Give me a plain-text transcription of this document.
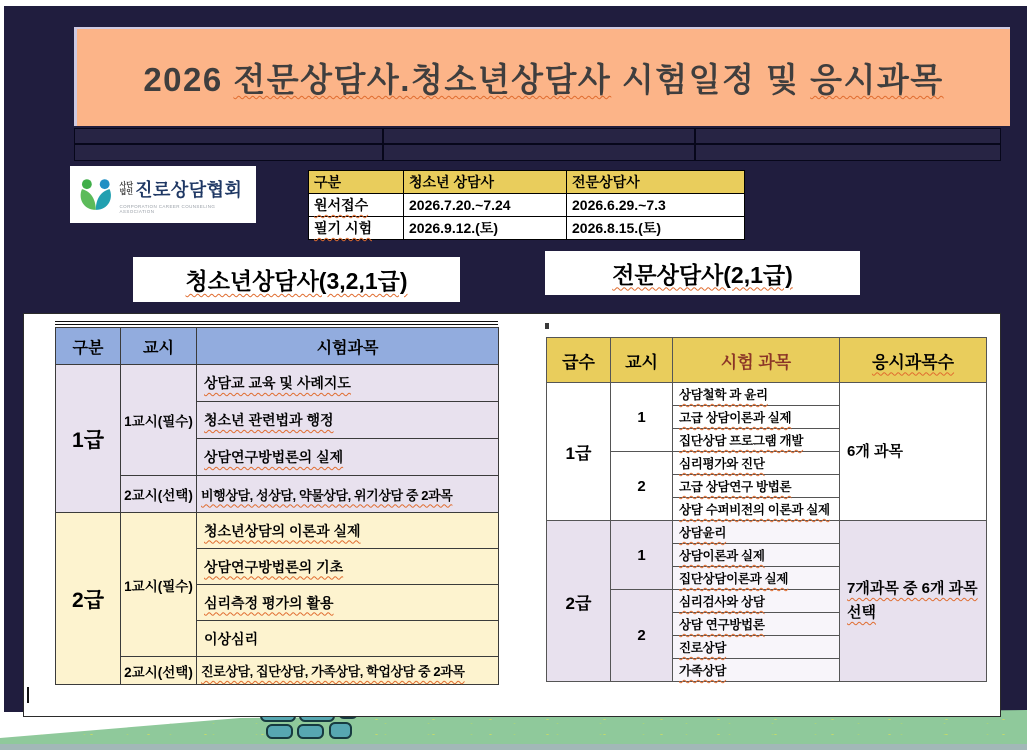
2026 전문상담사.청소년상담사 시험일정 및 응시과목
사단
법인 진로상담협회
CORPORATION CAREER COUNSELING ASSOCIATION
구분	청소년 상담사	전문상담사
원서접수	2026.7.20.~7.24	2026.6.29.~7.3
필기 시험	2026.9.12.(토)	2026.8.15.(토)
청소년상담사(3,2,1급)	전문상담사(2,1급)
구분	교시	시험과목
1급	1교시(필수)	상담교 교육 및 사례지도
		청소년 관련법과 행정
		상담연구방법론의 실제
	2교시(선택)	비행상담, 성상담, 약물상담, 위기상담 중 2과목
2급	1교시(필수)	청소년상담의 이론과 실제
		상담연구방법론의 기초
		심리측정 평가의 활용
		이상심리
	2교시(선택)	진로상담, 집단상담, 가족상담, 학업상담 중 2과목
급수	교시	시험 과목	응시과목수
1급	1	상담철학 과 윤리	6개 과목
		고급 상담이론과 실제	
		집단상담 프로그램 개발	
	2	심리평가와 진단	
		고급 상담연구 방법론	
		상담 수퍼비전의 이론과 실제	
2급	1	상담윤리	7개과목 중 6개 과목 선택
		상담이론과 실제	
		집단상담이론과 실제	
	2	심리검사와 상담	
		상담 연구방법론	
		진로상담	
		가족상담	
